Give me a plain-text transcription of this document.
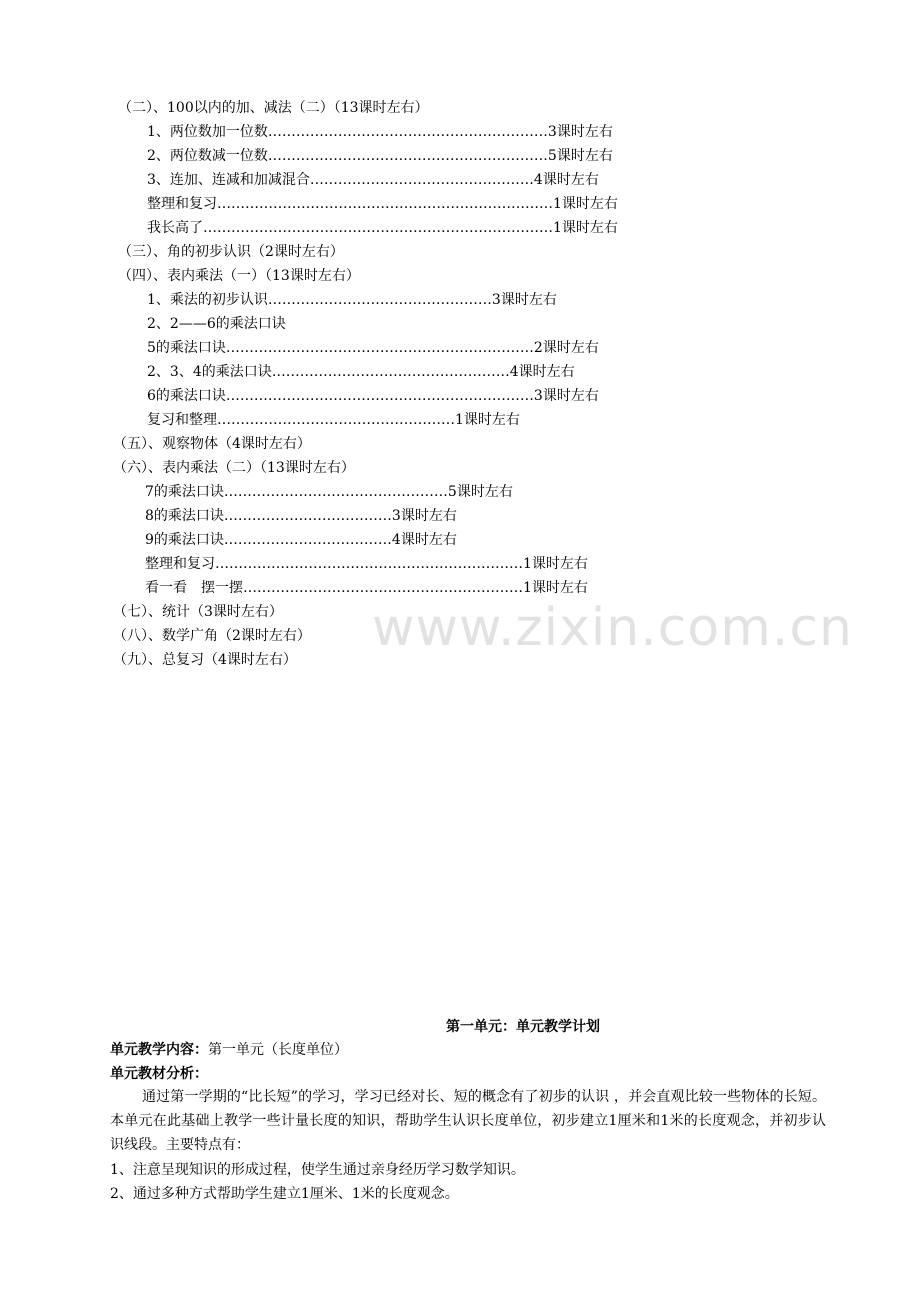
（二）、100以内的加、减法（二）（13课时左右）
1、两位数加一位数……………………………………………………3课时左右
2、两位数减一位数……………………………………………………5课时左右
3、连加、连减和加减混合…………………………………………4课时左右
整理和复习………………………………………………………………1课时左右
我长高了…………………………………………………………………1课时左右
（三）、角的初步认识（2课时左右）
（四）、表内乘法（一）（13课时左右）
1、乘法的初步认识…………………………………………3课时左右
2、2——6的乘法口诀
5的乘法口诀…………………………………………………………2课时左右
2、3、4的乘法口诀……………………………………………4课时左右
6的乘法口诀…………………………………………………………3课时左右
复习和整理……………………………………………1课时左右
（五）、观察物体（4课时左右）
（六）、表内乘法（二）（13课时左右）
7的乘法口诀…………………………………………5课时左右
8的乘法口诀………………………………3课时左右
9的乘法口诀………………………………4课时左右
整理和复习…………………………………………………………1课时左右
看一看　摆一摆……………………………………………………1课时左右
（七）、统计（3课时左右）
（八）、数学广角（2课时左右）
（九）、总复习（4课时左右）
www.zixin.com.cn
第一单元：单元教学计划
单元教学内容：第一单元（长度单位）
单元教材分析：
通过第一学期的“比长短”的学习，学习已经对长、短的概念有了初步的认识 ，并会直观比较一些物体的长短。本单元在此基础上教学一些计量长度的知识，帮助学生认识长度单位，初步建立1厘米和1米的长度观念，并初步认识线段。主要特点有：
1、注意呈现知识的形成过程，使学生通过亲身经历学习数学知识。
2、通过多种方式帮助学生建立1厘米、1米的长度观念。
